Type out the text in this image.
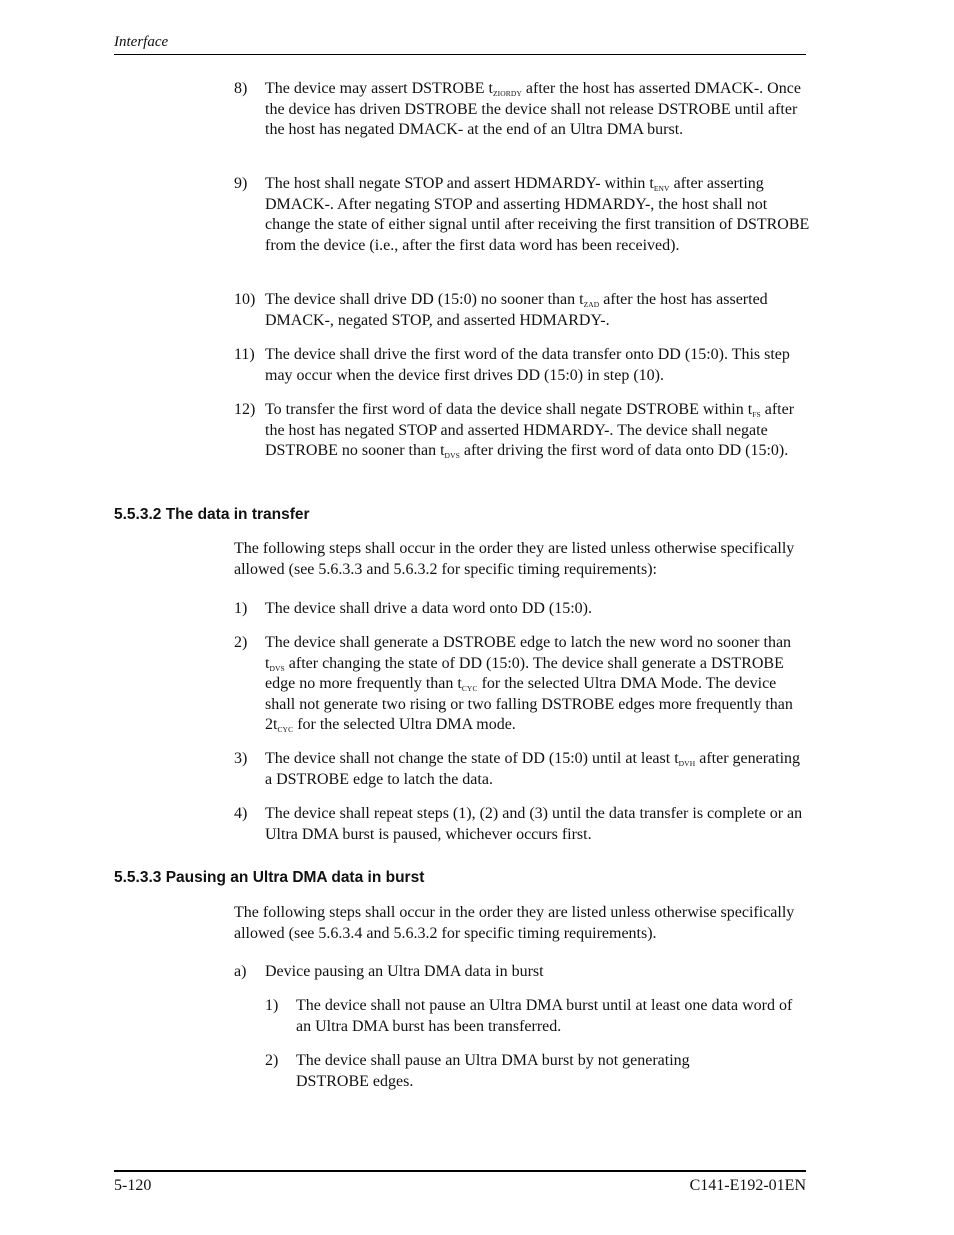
Interface
8) The device may assert DSTROBE $t_{ZIORDY}$ after the host has asserted DMACK-. Once the device has driven DSTROBE the device shall not release DSTROBE until after the host has negated DMACK- at the end of an Ultra DMA burst.
9) The host shall negate STOP and assert HDMARDY- within $t_{ENV}$ after asserting DMACK-. After negating STOP and asserting HDMARDY-, the host shall not change the state of either signal until after receiving the first transition of DSTROBE from the device (i.e., after the first data word has been received).
10) The device shall drive DD (15:0) no sooner than $t_{ZAD}$ after the host has asserted DMACK-, negated STOP, and asserted HDMARDY-.
11) The device shall drive the first word of the data transfer onto DD (15:0). This step may occur when the device first drives DD (15:0) in step (10).
12) To transfer the first word of data the device shall negate DSTROBE within $t_{FS}$ after the host has negated STOP and asserted HDMARDY-. The device shall negate DSTROBE no sooner than $t_{DVS}$ after driving the first word of data onto DD (15:0).
5.5.3.2 The data in transfer
The following steps shall occur in the order they are listed unless otherwise specifically allowed (see 5.6.3.3 and 5.6.3.2 for specific timing requirements):
1) The device shall drive a data word onto DD (15:0).
2) The device shall generate a DSTROBE edge to latch the new word no sooner than $t_{DVS}$ after changing the state of DD (15:0). The device shall generate a DSTROBE edge no more frequently than $t_{CYC}$ for the selected Ultra DMA Mode. The device shall not generate two rising or two falling DSTROBE edges more frequently than $2t_{CYC}$ for the selected Ultra DMA mode.
3) The device shall not change the state of DD (15:0) until at least $t_{DVH}$ after generating a DSTROBE edge to latch the data.
4) The device shall repeat steps (1), (2) and (3) until the data transfer is complete or an Ultra DMA burst is paused, whichever occurs first.
5.5.3.3 Pausing an Ultra DMA data in burst
The following steps shall occur in the order they are listed unless otherwise specifically allowed (see 5.6.3.4 and 5.6.3.2 for specific timing requirements).
a) Device pausing an Ultra DMA data in burst
1) The device shall not pause an Ultra DMA burst until at least one data word of an Ultra DMA burst has been transferred.
2) The device shall pause an Ultra DMA burst by not generating DSTROBE edges.
5-120	C141-E192-01EN
